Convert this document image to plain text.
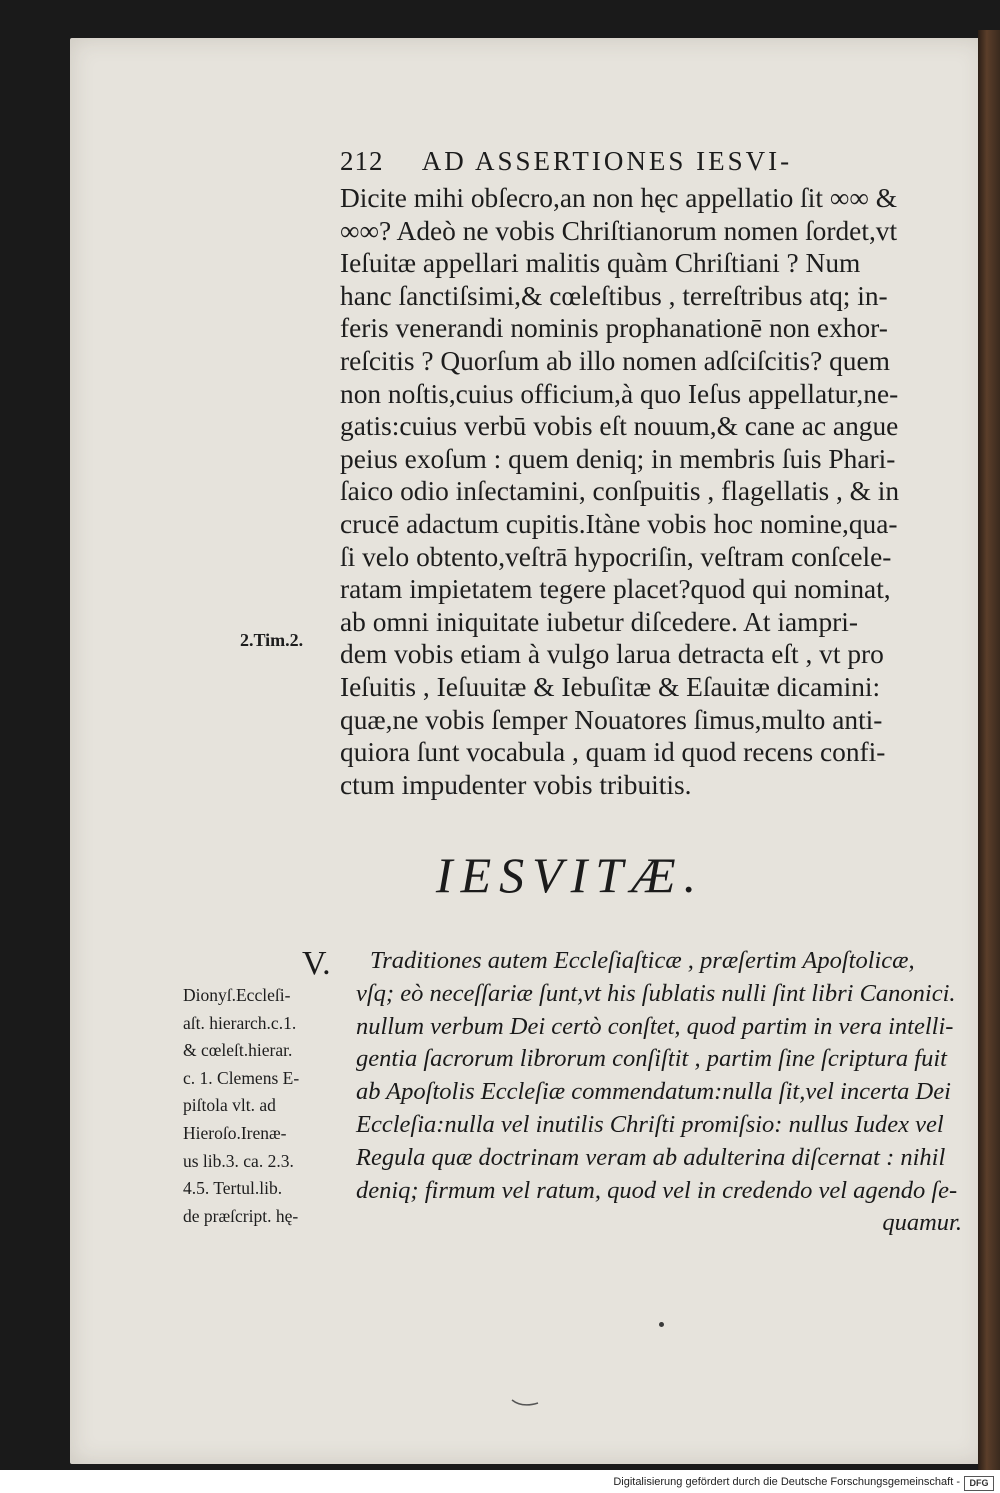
212 AD ASSERTIONES IESVI-
Dicite mihi obſecro,an non hęc appellatio ſit ∞∞ &
∞∞? Adeò ne vobis Chriſtianorum nomen ſordet,vt
Ieſuitæ appellari malitis quàm Chriſtiani ? Num
hanc ſanctiſsimi,& cœleſtibus , terreſtribus atq; in-
feris venerandi nominis prophanationē non exhor-
reſcitis ? Quorſum ab illo nomen adſciſcitis? quem
non noſtis,cuius officium,à quo Ieſus appellatur,ne-
gatis:cuius verbū vobis eſt nouum,& cane ac angue
peius exoſum : quem deniq; in membris ſuis Phari-
ſaico odio inſectamini, conſpuitis , flagellatis , & in
crucē adactum cupitis.Itàne vobis hoc nomine,qua-
ſi velo obtento,veſtrā hypocriſin, veſtram conſcele-
ratam impietatem tegere placet?quod qui nominat,
ab omni iniquitate iubetur diſcedere. At iampri-
dem vobis etiam à vulgo larua detracta eſt , vt pro
Ieſuitis , Ieſuuitæ & Iebuſitæ & Eſauitæ dicamini:
quæ,ne vobis ſemper Nouatores ſimus,multo anti-
quiora ſunt vocabula , quam id quod recens confi-
ctum impudenter vobis tribuitis.
2.Tim.2.
IESVITÆ.
V.	Traditiones autem Eccleſiaſticæ , præſertim Apoſtolicæ,
vſq; eò neceſſariæ ſunt,vt his ſublatis nulli ſint libri Canonici.
nullum verbum Dei certò conſtet, quod partim in vera intelli-
gentia ſacrorum librorum conſiſtit , partim ſine ſcriptura fuit
ab Apoſtolis Eccleſiæ commendatum:nulla ſit,vel incerta Dei
Eccleſia:nulla vel inutilis Chriſti promiſsio: nullus Iudex vel
Regula quæ doctrinam veram ab adulterina diſcernat : nihil
deniq; firmum vel ratum, quod vel in credendo vel agendo ſe-
quamur.
Dionyſ.Eccleſi-
aſt. hierarch.c.1.
& cœleſt.hierar.
c. 1. Clemens E-
piſtola vlt. ad
Hieroſo.Irenæ-
us lib.3. ca. 2.3.
4.5. Tertul.lib.
de præſcript. hę-
Digitalisierung gefördert durch die Deutsche Forschungsgemeinschaft -	DFG
